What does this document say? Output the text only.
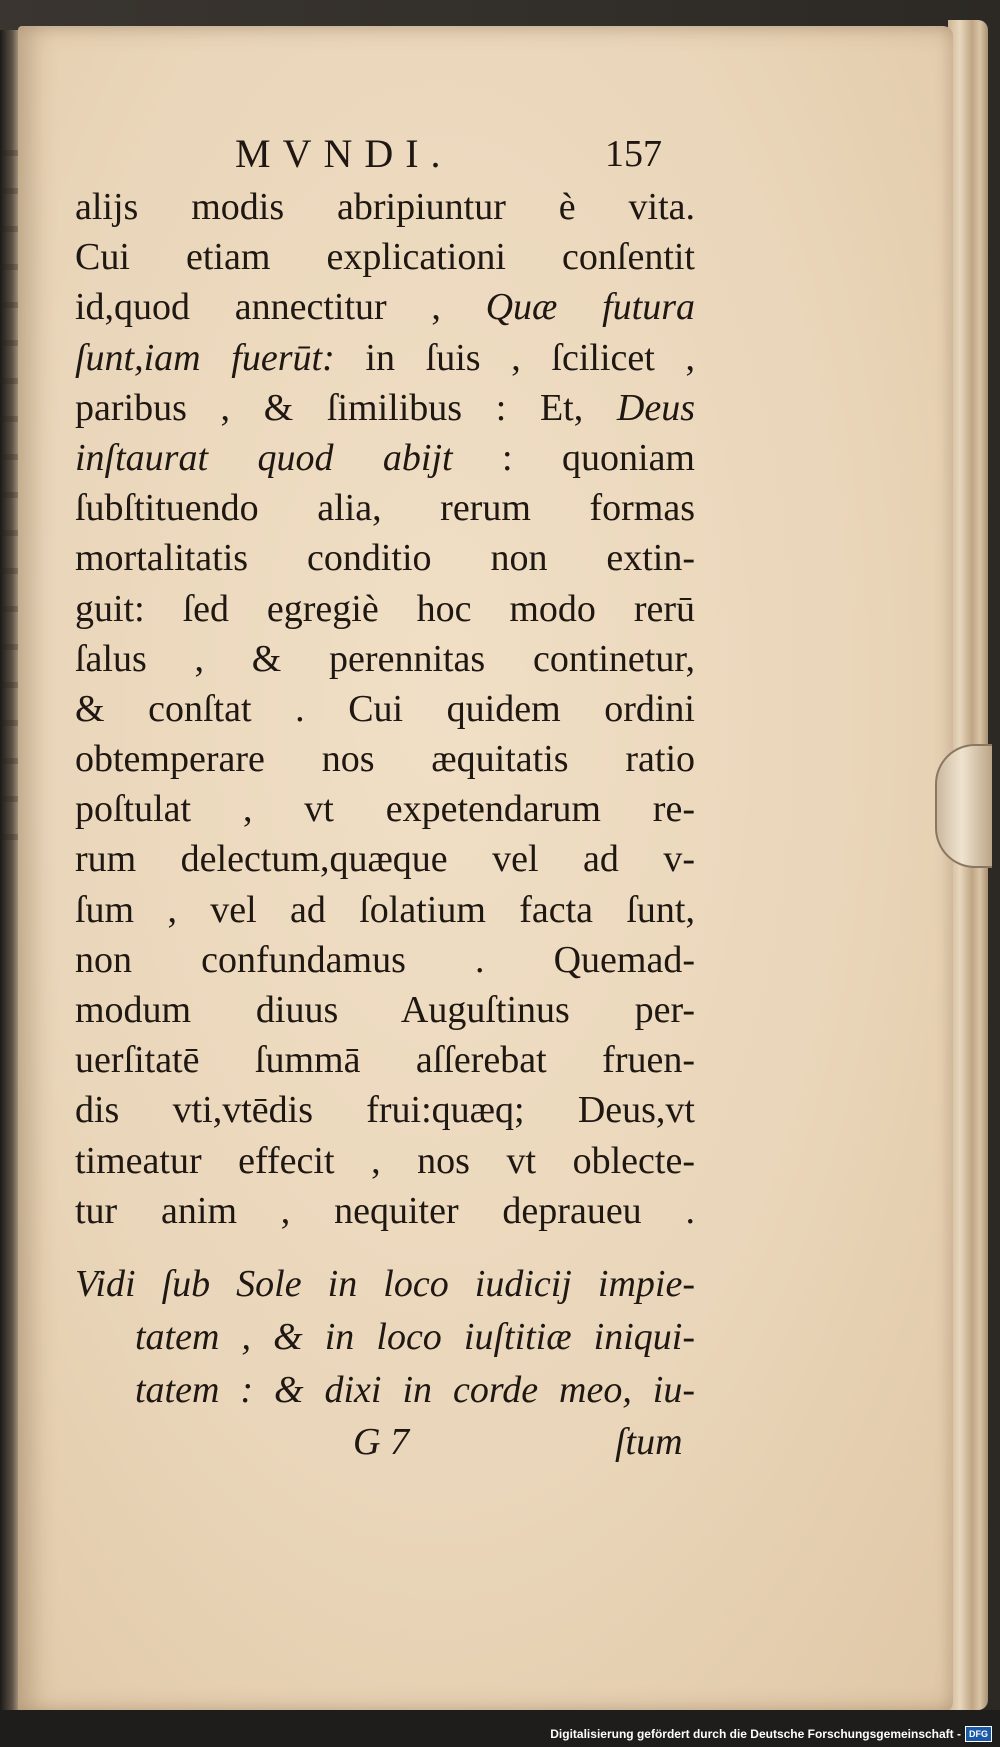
MVNDI.	157
alijs modis abripiuntur è vita.
Cui etiam explicationi conſentit
id,quod annectitur , Quæ futura
ſunt,iam fuerūt: in ſuis , ſcilicet ,
paribus , & ſimilibus : Et, Deus
inſtaurat quod abijt : quoniam
ſubſtituendo alia, rerum formas
mortalitatis conditio non extin-
guit: ſed egregiè hoc modo rerū
ſalus , & perennitas continetur,
& conſtat . Cui quidem ordini
obtemperare nos æquitatis ratio
poſtulat , vt expetendarum re-
rum delectum,quæque vel ad v-
ſum , vel ad ſolatium facta ſunt,
non confundamus . Quemad-
modum diuus Auguſtinus per-
uerſitatē ſummā aſſerebat fruen-
dis vti,vtēdis frui:quæq; Deus,vt
timeatur effecit , nos vt oblecte-
tur anim , nequiter depraueu .
Vidi ſub Sole in loco iudicij impie-
tatem , & in loco iuſtitiæ iniqui-
tatem : & dixi in corde meo, iu-
G 7	ſtum
Digitalisierung gefördert durch die Deutsche Forschungsgemeinschaft - DFG
